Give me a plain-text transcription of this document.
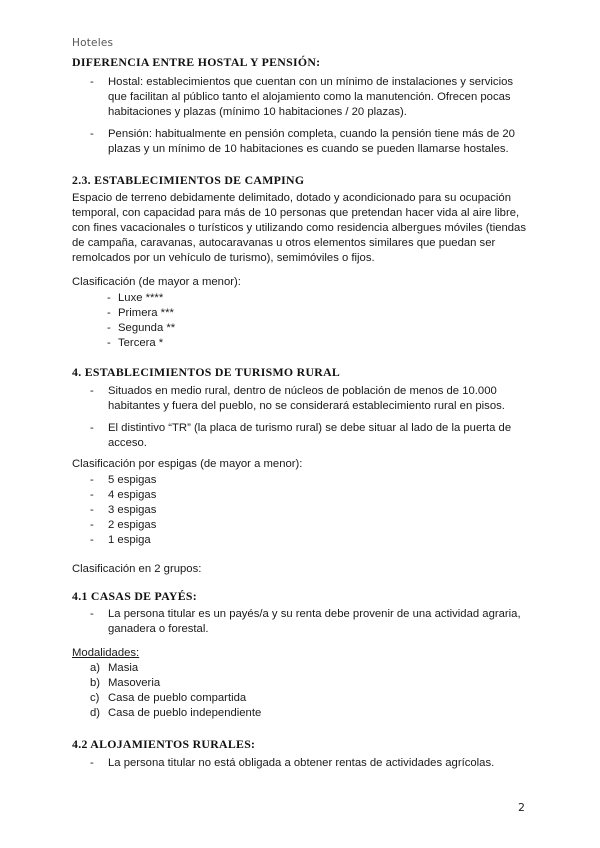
Hoteles
DIFERENCIA ENTRE HOSTAL Y PENSIÓN:
- Hostal: establecimientos que cuentan con un mínimo de instalaciones y servicios
que facilitan al público tanto el alojamiento como la manutención. Ofrecen pocas
habitaciones y plazas (mínimo 10 habitaciones / 20 plazas).
- Pensión: habitualmente en pensión completa, cuando la pensión tiene más de 20
plazas y un mínimo de 10 habitaciones es cuando se pueden llamarse hostales.
2.3. ESTABLECIMIENTOS DE CAMPING

Espacio de terreno debidamente delimitado, dotado y acondicionado para su ocupación
temporal, con capacidad para más de 10 personas que pretendan hacer vida al aire libre,
con fines vacacionales o turísticos y utilizando como residencia albergues móviles (tiendas
de campaña, caravanas, autocaravanas u otros elementos similares que puedan ser
remolcados por un vehículo de turismo), semimóviles o fijos.

Clasificación (de mayor a menor):

- Luxe ****
- Primera ***
- Segunda **
- Tercera *
4. ESTABLECIMIENTOS DE TURISMO RURAL
- Situados en medio rural, dentro de núcleos de población de menos de 10.000
habitantes y fuera del pueblo, no se considerará establecimiento rural en pisos.
- El distintivo “TR” (la placa de turismo rural) se debe situar al lado de la puerta de
acceso.

Clasificación por espigas (de mayor a menor):

- 5 espigas
- 4 espigas
- 3 espigas
- 2 espigas
- 1 espiga

Clasificación en 2 grupos:

4.1 CASAS DE PAYÉS:
- La persona titular es un payés/a y su renta debe provenir de una actividad agraria,
ganadera o forestal.

Modalidades:

a) Masia
b) Masoveria
c) Casa de pueblo compartida
d) Casa de pueblo independiente
4.2 ALOJAMIENTOS RURALES:
- La persona titular no está obligada a obtener rentas de actividades agrícolas.
2
